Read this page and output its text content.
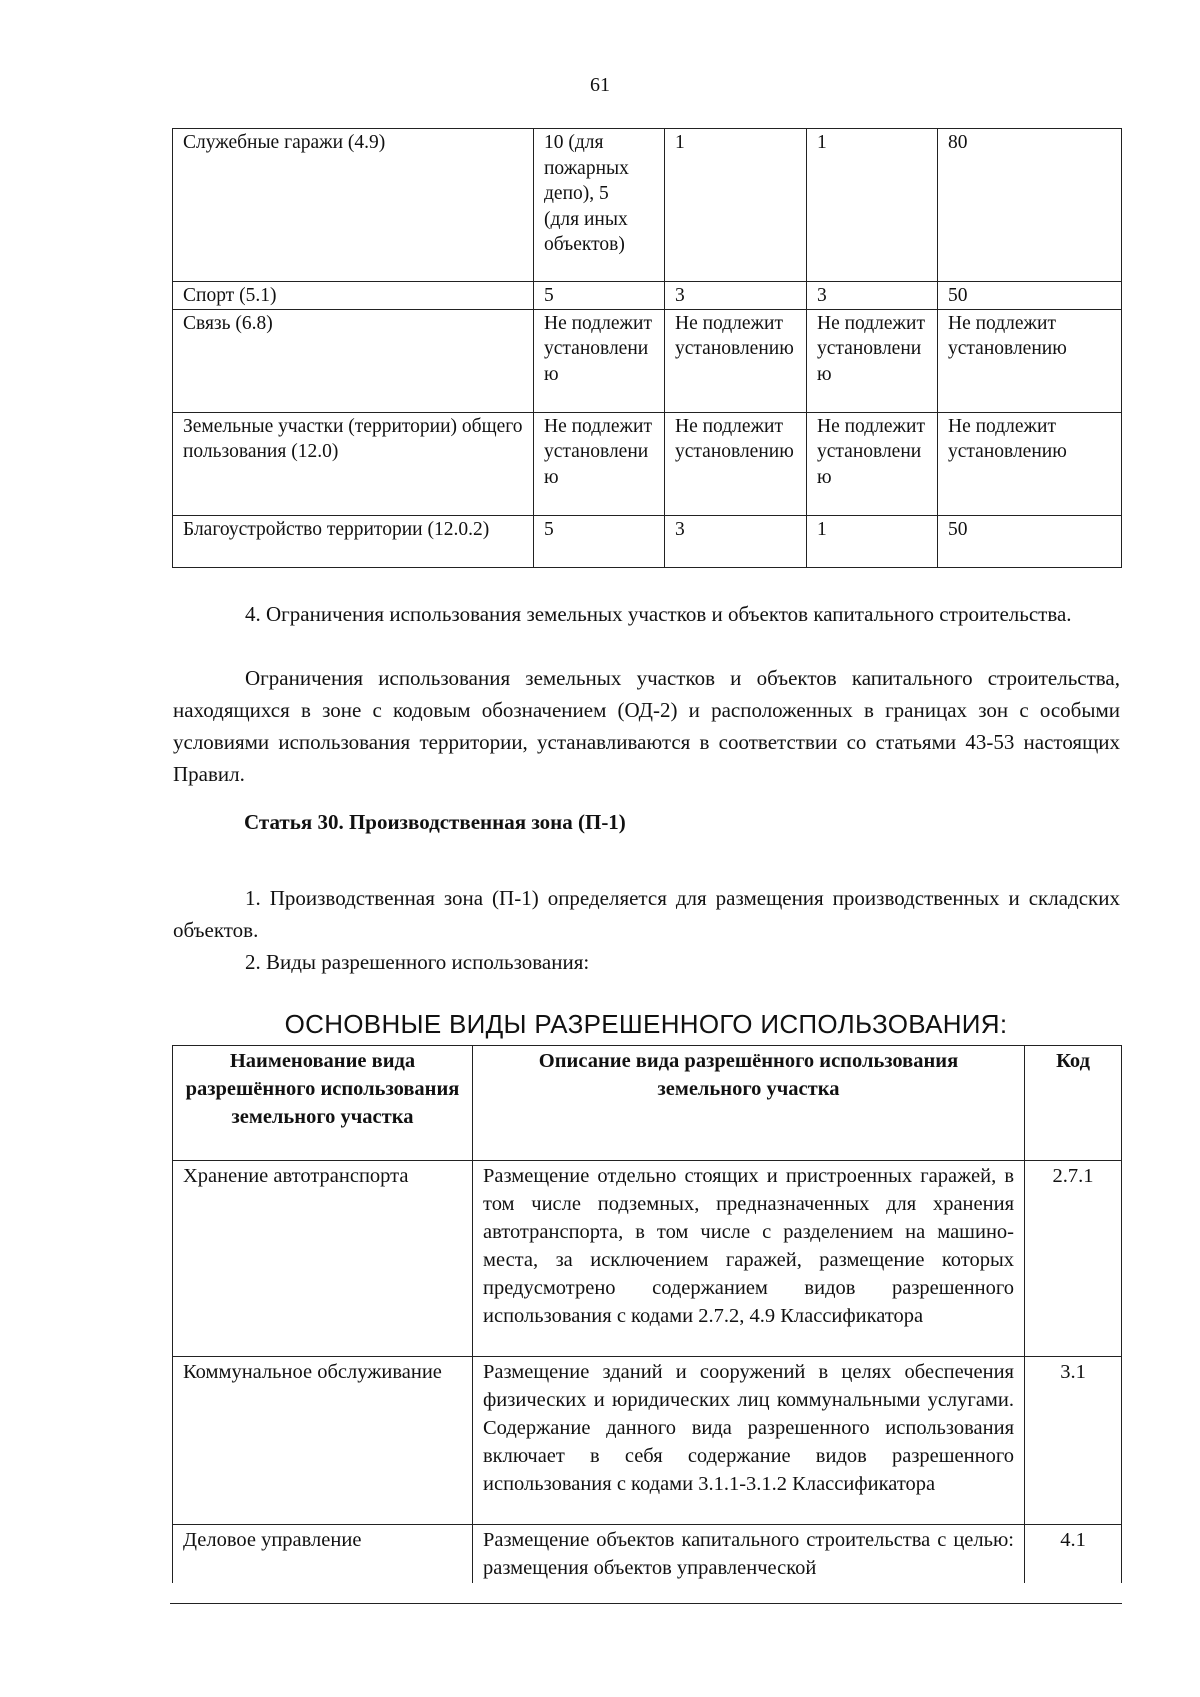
61
Служебные гаражи (4.9)	10 (для пожарных депо), 5 (для иных объектов)	1	1	80
Спорт (5.1)	5	3	3	50
Связь (6.8)	Не подлежит установлению	Не подлежит установлению	Не подлежит установлению	Не подлежит установлению
Земельные участки (территории) общего пользования (12.0)	Не подлежит установлению	Не подлежит установлению	Не подлежит установлению	Не подлежит установлению
Благоустройство территории (12.0.2)	5	3	1	50

4. Ограничения использования земельных участков и объектов капитального строительства.

Ограничения использования земельных участков и объектов капитального строительства, находящихся в зоне с кодовым обозначением (ОД-2) и расположенных в границах зон с особыми условиями использования территории, устанавливаются в соответствии со статьями 43-53 настоящих Правил.

Статья 30. Производственная зона (П-1)

1. Производственная зона (П-1) определяется для размещения производственных и складских объектов.

2. Виды разрешенного использования:

ОСНОВНЫЕ ВИДЫ РАЗРЕШЕННОГО ИСПОЛЬЗОВАНИЯ:

Наименование вида разрешённого использования земельного участка	Описание вида разрешённого использования земельного участка	Код
Хранение автотранспорта	Размещение отдельно стоящих и пристроенных гаражей, в том числе подземных, предназначенных для хранения автотранспорта, в том числе с разделением на машино-места, за исключением гаражей, размещение которых предусмотрено содержанием видов разрешенного использования с кодами 2.7.2, 4.9 Классификатора	2.7.1
Коммунальное обслуживание	Размещение зданий и сооружений в целях обеспечения физических и юридических лиц коммунальными услугами. Содержание данного вида разрешенного использования включает в себя содержание видов разрешенного использования с кодами 3.1.1-3.1.2 Классификатора	3.1
Деловое управление	Размещение объектов капитального строительства с целью: размещения объектов управленческой	4.1
